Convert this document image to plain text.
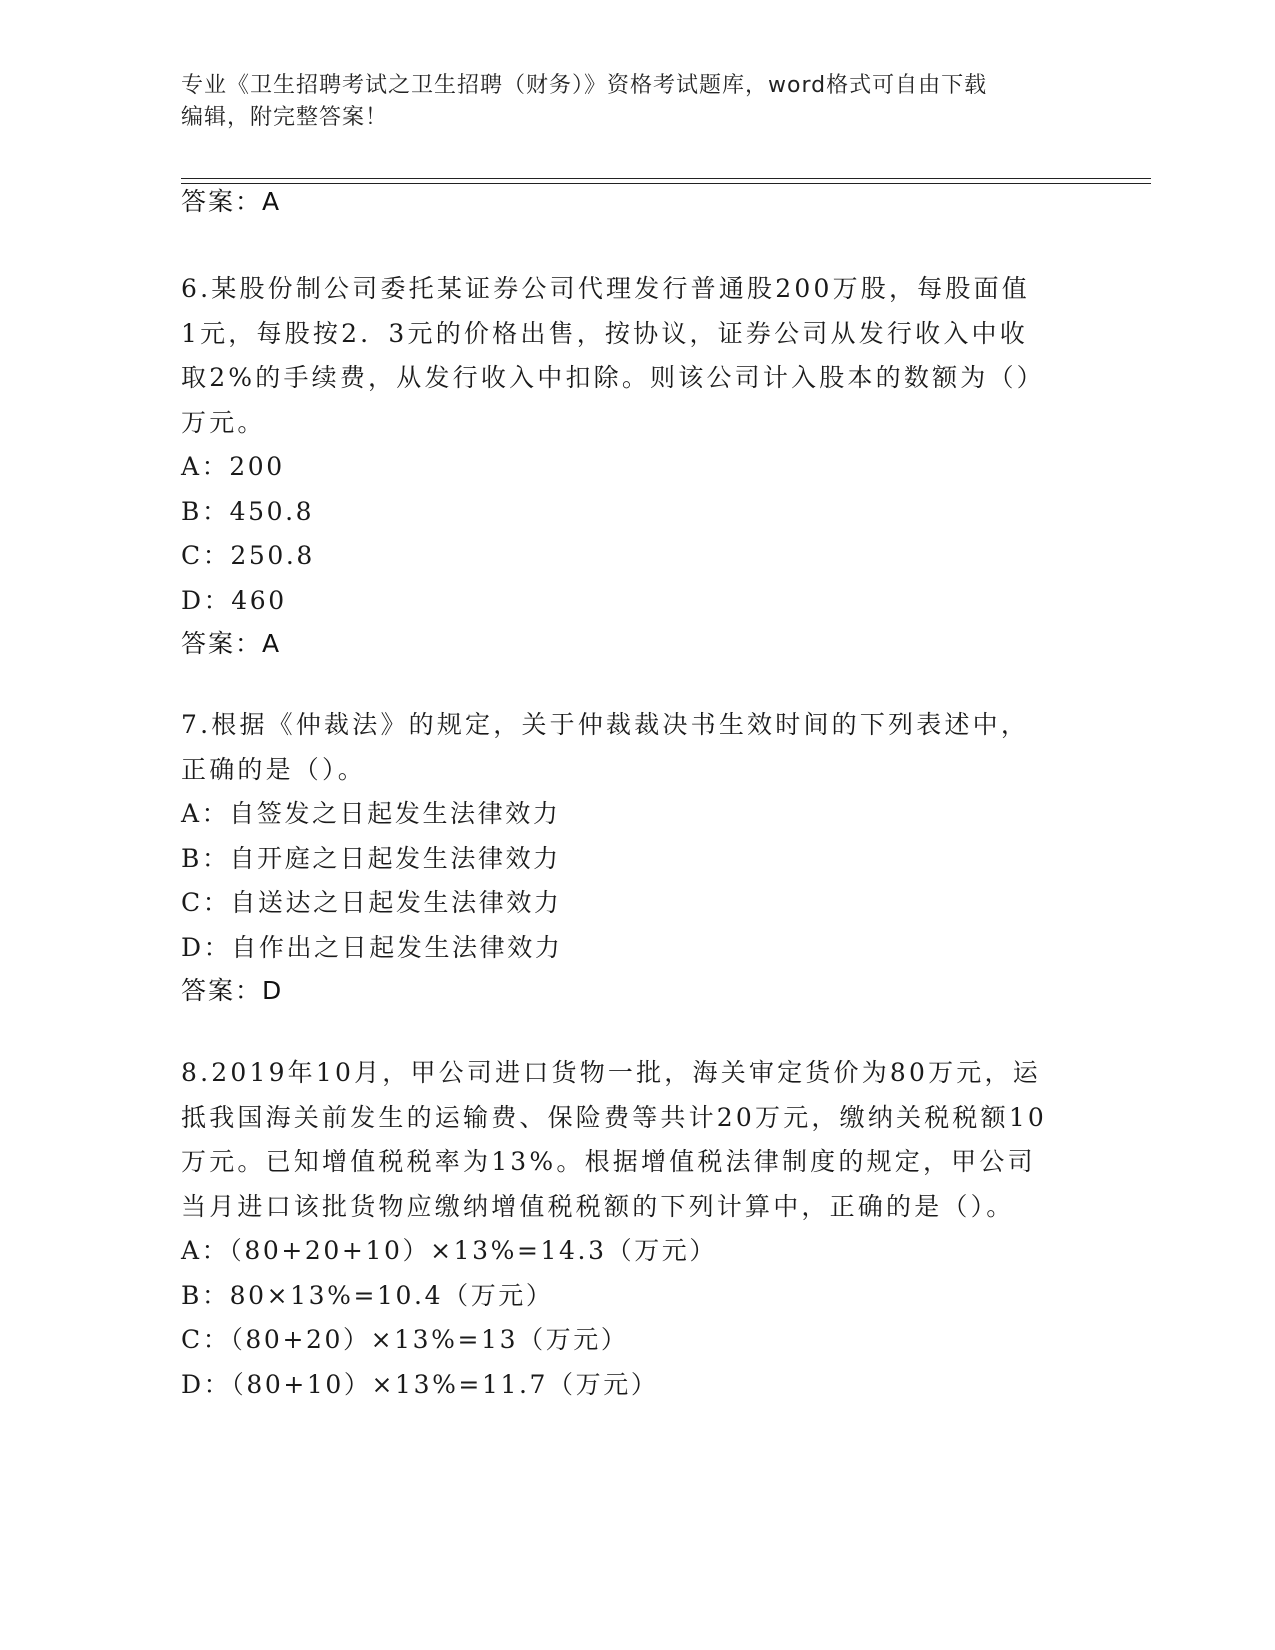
专业《卫生招聘考试之卫生招聘（财务）》资格考试题库，word格式可自由下载
编辑，附完整答案！
答案：A
6.某股份制公司委托某证券公司代理发行普通股200万股，每股面值
1元，每股按2．3元的价格出售，按协议，证券公司从发行收入中收
取2%的手续费，从发行收入中扣除。则该公司计入股本的数额为（）
万元。
A：200
B：450.8
C：250.8
D：460
答案：A
7.根据《仲裁法》的规定，关于仲裁裁决书生效时间的下列表述中，
正确的是（）。
A：自签发之日起发生法律效力
B：自开庭之日起发生法律效力
C：自送达之日起发生法律效力
D：自作出之日起发生法律效力
答案：D
8.2019年10月，甲公司进口货物一批，海关审定货价为80万元，运
抵我国海关前发生的运输费、保险费等共计20万元，缴纳关税税额10
万元。已知增值税税率为13%。根据增值税法律制度的规定，甲公司
当月进口该批货物应缴纳增值税税额的下列计算中，正确的是（）。
A：（80+20+10）×13%=14.3（万元）
B：80×13%=10.4（万元）
C：（80+20）×13%=13（万元）
D：（80+10）×13%=11.7（万元）
